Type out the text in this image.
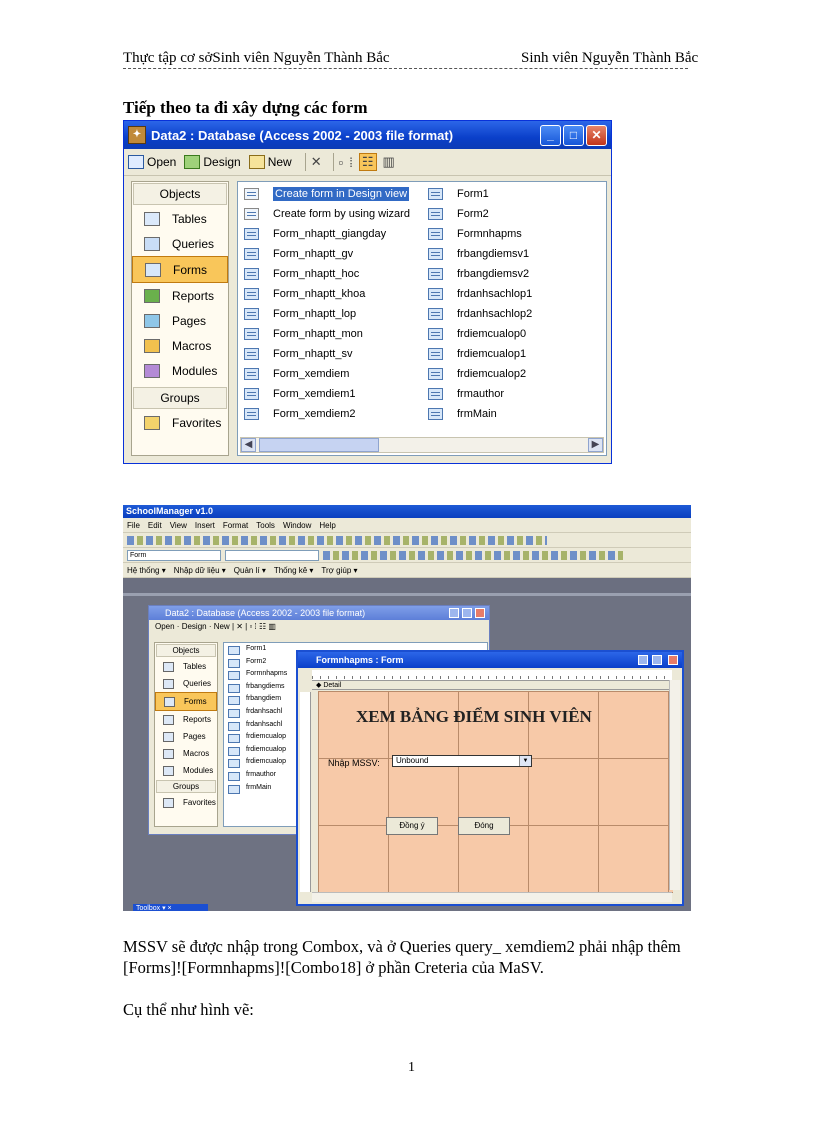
Thực tập cơ sởSinh viên Nguyễn Thành Bắc	Sinh viên Nguyễn Thành Bắc
Tiếp theo ta đi xây dựng các form
✦ Data2 : Database (Access 2002 - 2003 file format)	_	□	✕
Open Design New ✕ ▫ ⁞ ☷ ▥
Objects
Tables
Queries
Forms
Reports
Pages
Macros
Modules
Groups
Favorites
Create form in Design view
Create form by using wizard
Form_nhaptt_giangday
Form_nhaptt_gv
Form_nhaptt_hoc
Form_nhaptt_khoa
Form_nhaptt_lop
Form_nhaptt_mon
Form_nhaptt_sv
Form_xemdiem
Form_xemdiem1
Form_xemdiem2
Form1
Form2
Formnhapms
frbangdiemsv1
frbangdiemsv2
frdanhsachlop1
frdanhsachlop2
frdiemcualop0
frdiemcualop1
frdiemcualop2
frmauthor
frmMain
◀	▶
SchoolManager v1.0
File Edit View Insert Format Tools Window Help
Form
Hệ thống ▾ Nhập dữ liệu ▾ Quản lí ▾ Thống kê ▾ Trợ giúp ▾
Data2 : Database (Access 2002 - 2003 file format)
Open · Design · New | ✕ | ▫ ⁞ ☷ ▥
Objects
Tables
Queries
Forms
Reports
Pages
Macros
Modules
Groups
Favorites
Form1
Form2
Formnhapms
frbangdiems
frbangdiem
frdanhsachl
frdanhsachl
frdiemcualop
frdiemcualop
frdiemcualop
frmauthor
frmMain
Formnhapms : Form
◆ Detail
XEM BẢNG ĐIỂM SINH VIÊN
Nhập MSSV:	Unbound	▼
Đồng ý	Đóng
Toolbox ▾ ×
MSSV sẽ được nhập trong Combox, và ở Queries query_ xemdiem2 phải nhập thêm [Forms]![Formnhapms]![Combo18] ở phần Creteria của MaSV.
Cụ thể như hình vẽ:
1
